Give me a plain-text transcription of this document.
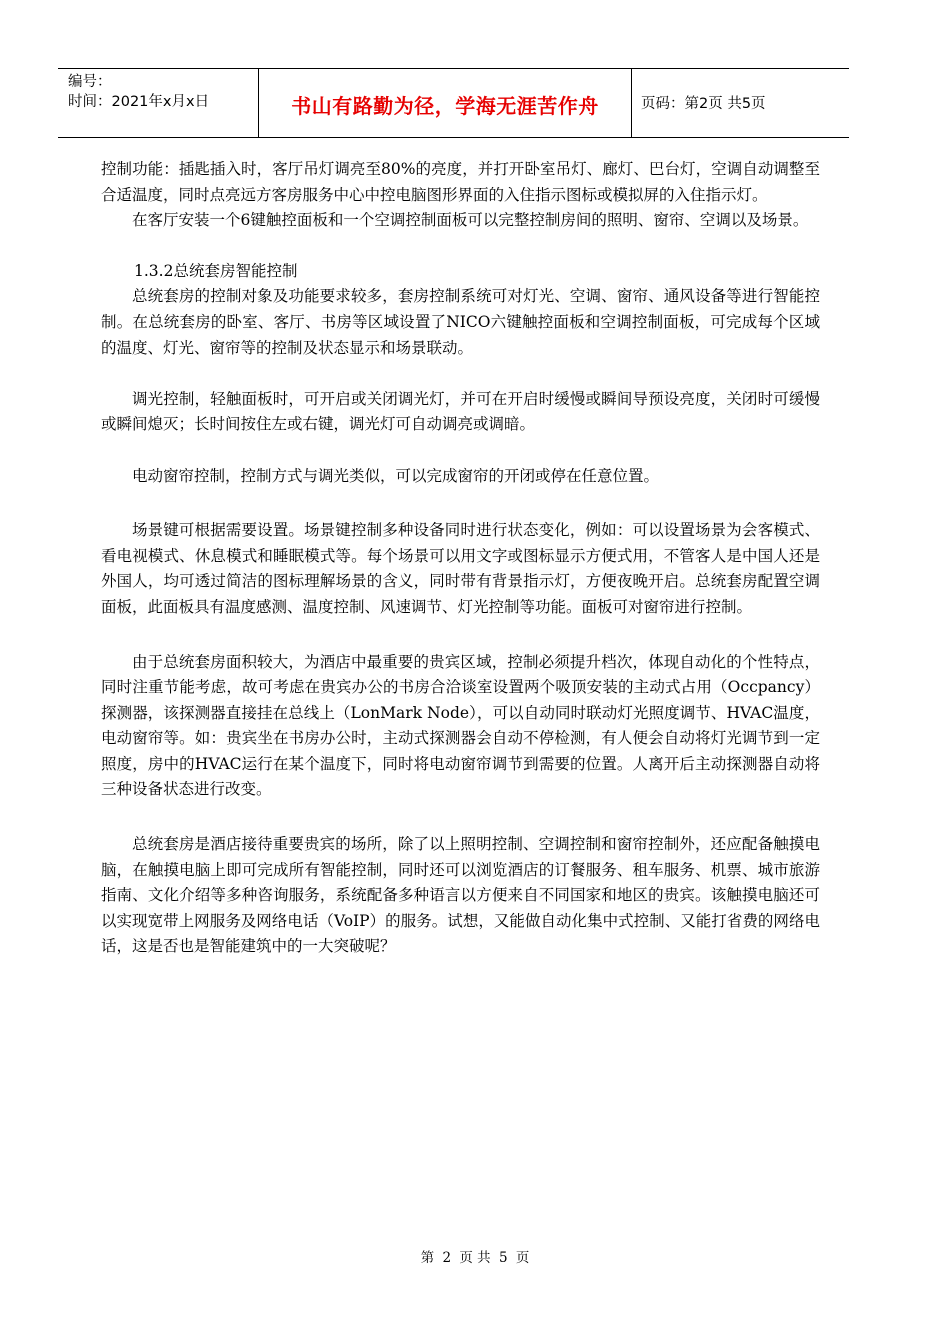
编号：
时间：2021年x月x日	书山有路勤为径，学海无涯苦作舟	页码：第2页 共5页

控制功能：插匙插入时，客厅吊灯调亮至80%的亮度，并打开卧室吊灯、廊灯、巴台灯，空调自动调整至合适温度，同时点亮远方客房服务中心中控电脑图形界面的入住指示图标或模拟屏的入住指示灯。

在客厅安装一个6键触控面板和一个空调控制面板可以完整控制房间的照明、窗帘、空调以及场景。

1.3.2总统套房智能控制

总统套房的控制对象及功能要求较多，套房控制系统可对灯光、空调、窗帘、通风设备等进行智能控制。在总统套房的卧室、客厅、书房等区域设置了NICO六键触控面板和空调控制面板，可完成每个区域的温度、灯光、窗帘等的控制及状态显示和场景联动。

调光控制，轻触面板时，可开启或关闭调光灯，并可在开启时缓慢或瞬间导预设亮度，关闭时可缓慢或瞬间熄灭；长时间按住左或右键，调光灯可自动调亮或调暗。

电动窗帘控制，控制方式与调光类似，可以完成窗帘的开闭或停在任意位置。

场景键可根据需要设置。场景键控制多种设备同时进行状态变化，例如：可以设置场景为会客模式、看电视模式、休息模式和睡眠模式等。每个场景可以用文字或图标显示方便式用，不管客人是中国人还是外国人，均可透过简洁的图标理解场景的含义，同时带有背景指示灯，方便夜晚开启。总统套房配置空调面板，此面板具有温度感测、温度控制、风速调节、灯光控制等功能。面板可对窗帘进行控制。

由于总统套房面积较大，为酒店中最重要的贵宾区域，控制必须提升档次，体现自动化的个性特点，同时注重节能考虑，故可考虑在贵宾办公的书房合洽谈室设置两个吸顶安装的主动式占用（Occpancy）探测器，该探测器直接挂在总线上（LonMark Node），可以自动同时联动灯光照度调节、HVAC温度，电动窗帘等。如：贵宾坐在书房办公时，主动式探测器会自动不停检测，有人便会自动将灯光调节到一定照度，房中的HVAC运行在某个温度下，同时将电动窗帘调节到需要的位置。人离开后主动探测器自动将三种设备状态进行改变。

总统套房是酒店接待重要贵宾的场所，除了以上照明控制、空调控制和窗帘控制外，还应配备触摸电脑，在触摸电脑上即可完成所有智能控制，同时还可以浏览酒店的订餐服务、租车服务、机票、城市旅游指南、文化介绍等多种咨询服务，系统配备多种语言以方便来自不同国家和地区的贵宾。该触摸电脑还可以实现宽带上网服务及网络电话（VoIP）的服务。试想，又能做自动化集中式控制、又能打省费的网络电话，这是否也是智能建筑中的一大突破呢？

第 2 页 共 5 页
